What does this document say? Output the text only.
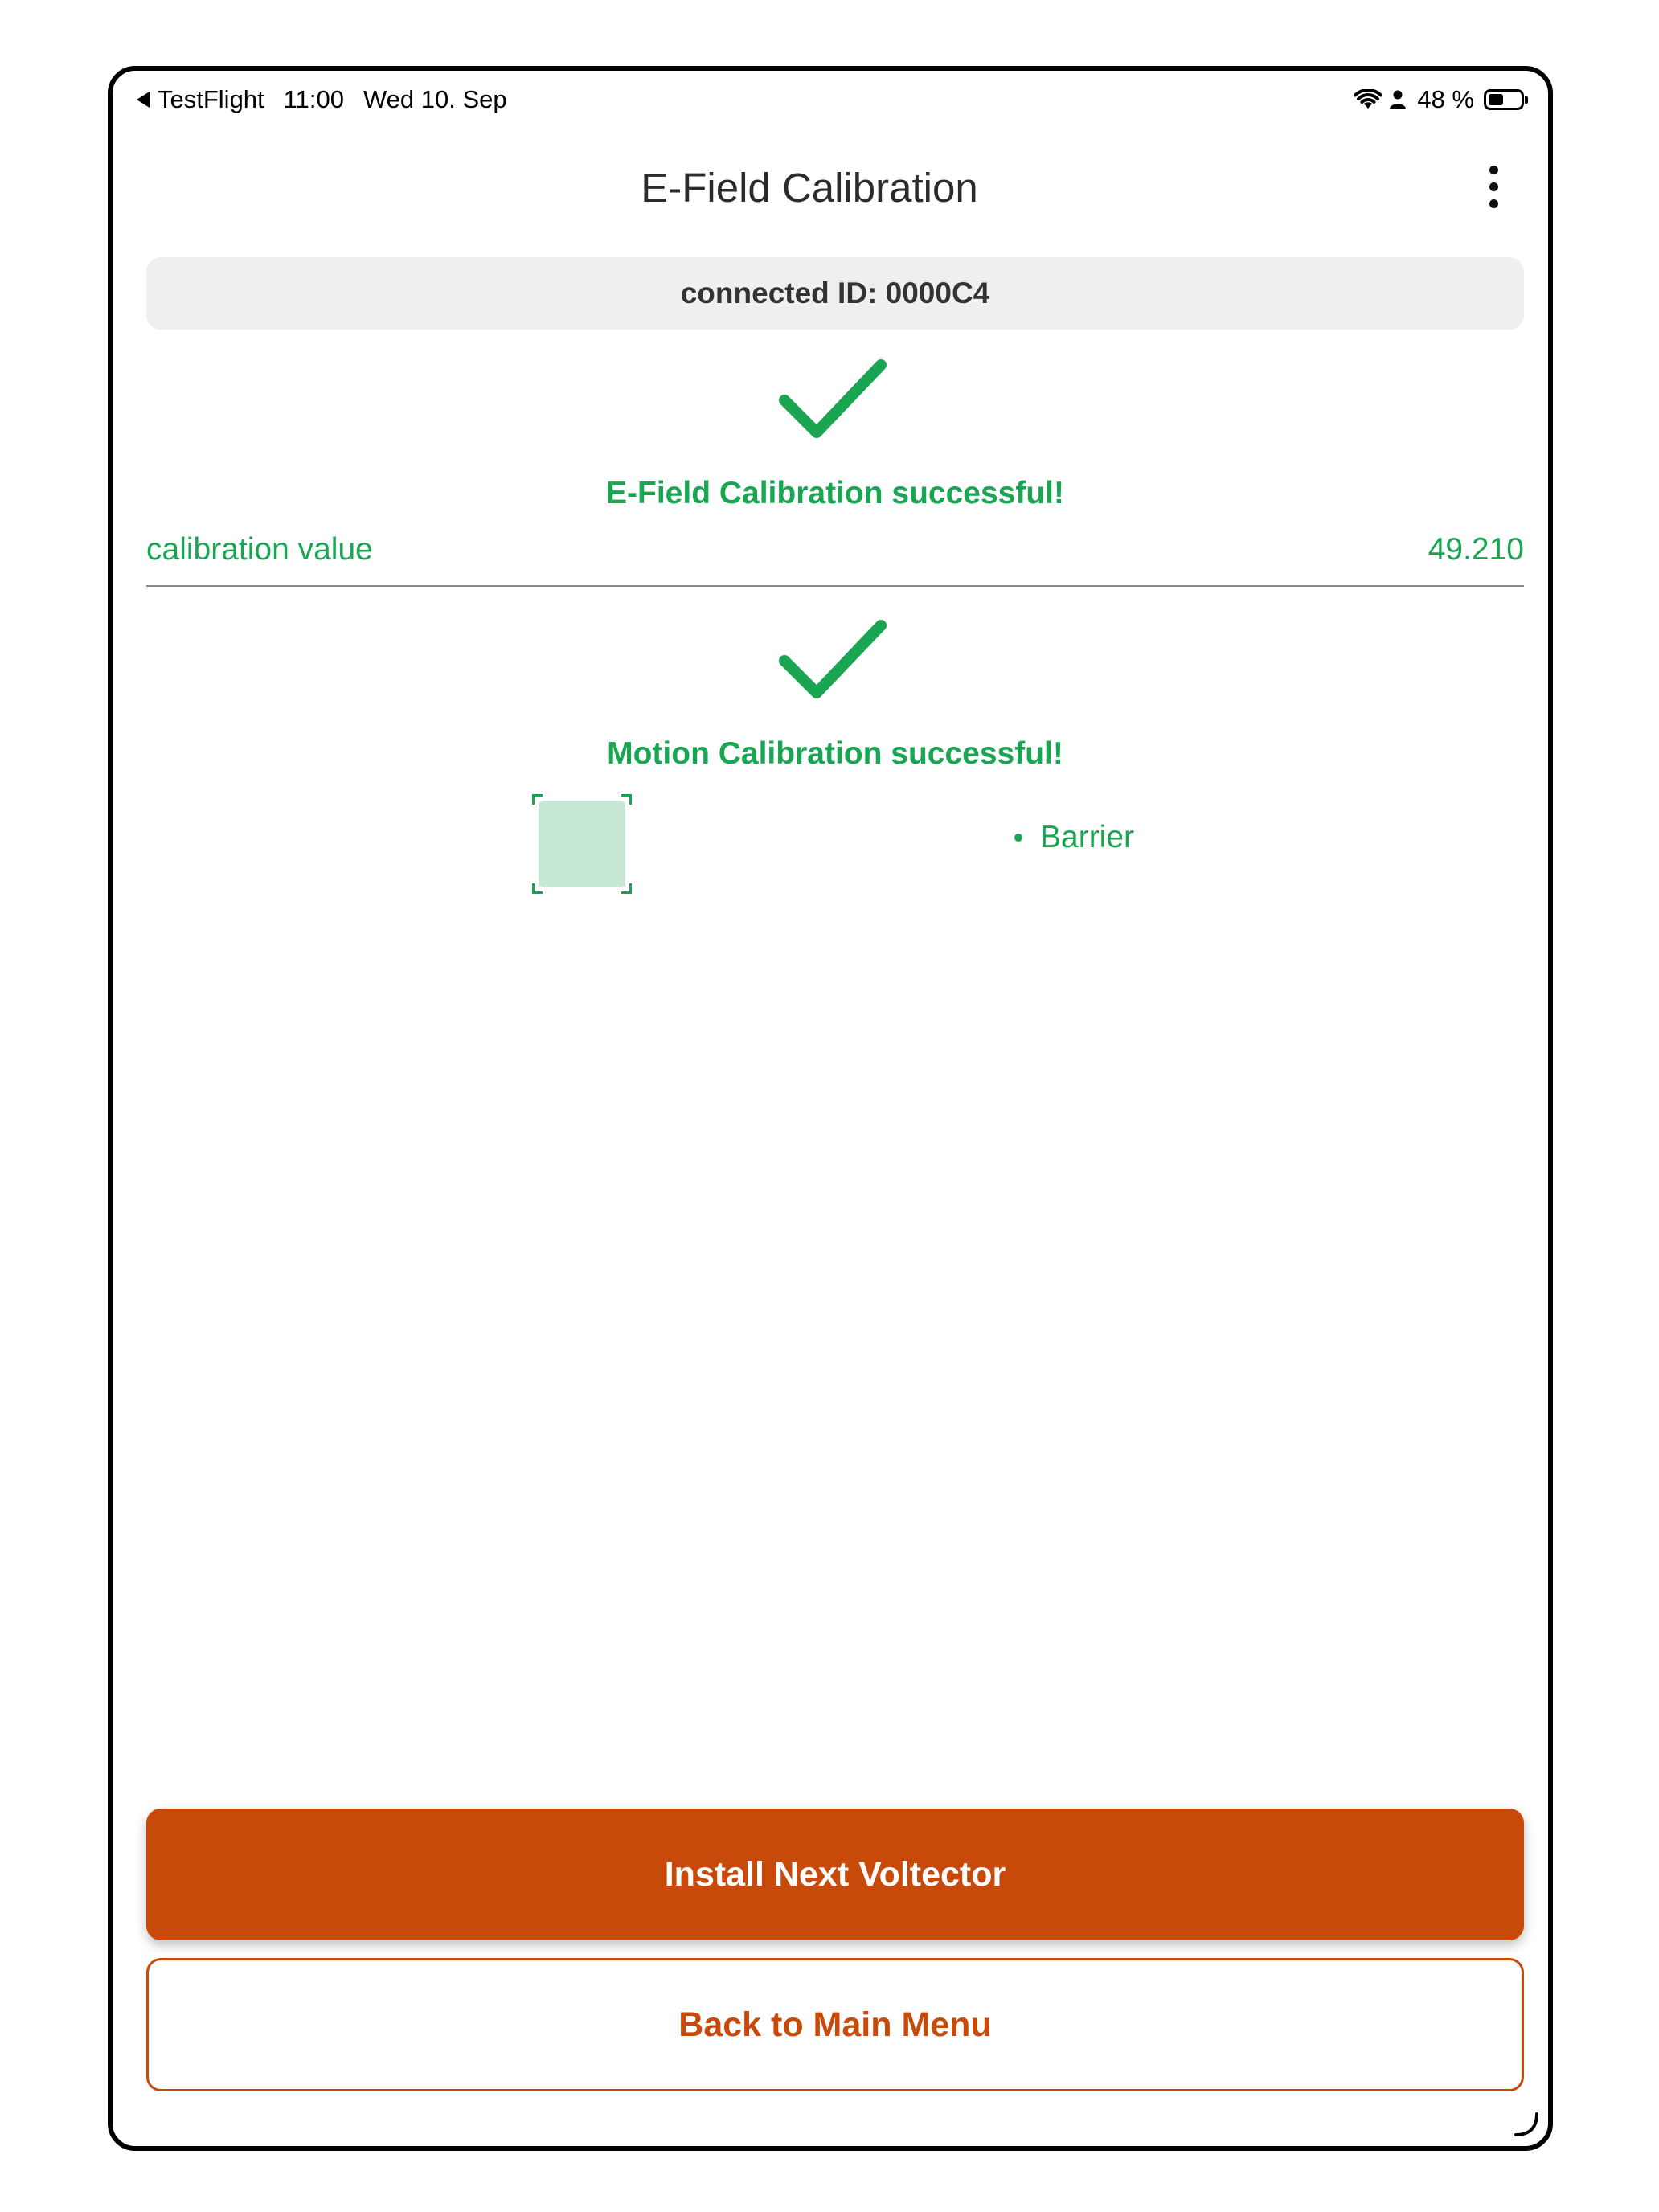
TestFlight 11:00 Wed 10. Sep	48 %
E-Field Calibration
connected ID: 0000C4
E-Field Calibration successful!
calibration value	49.210
Motion Calibration successful!
Barrier
Install Next Voltector
Back to Main Menu
